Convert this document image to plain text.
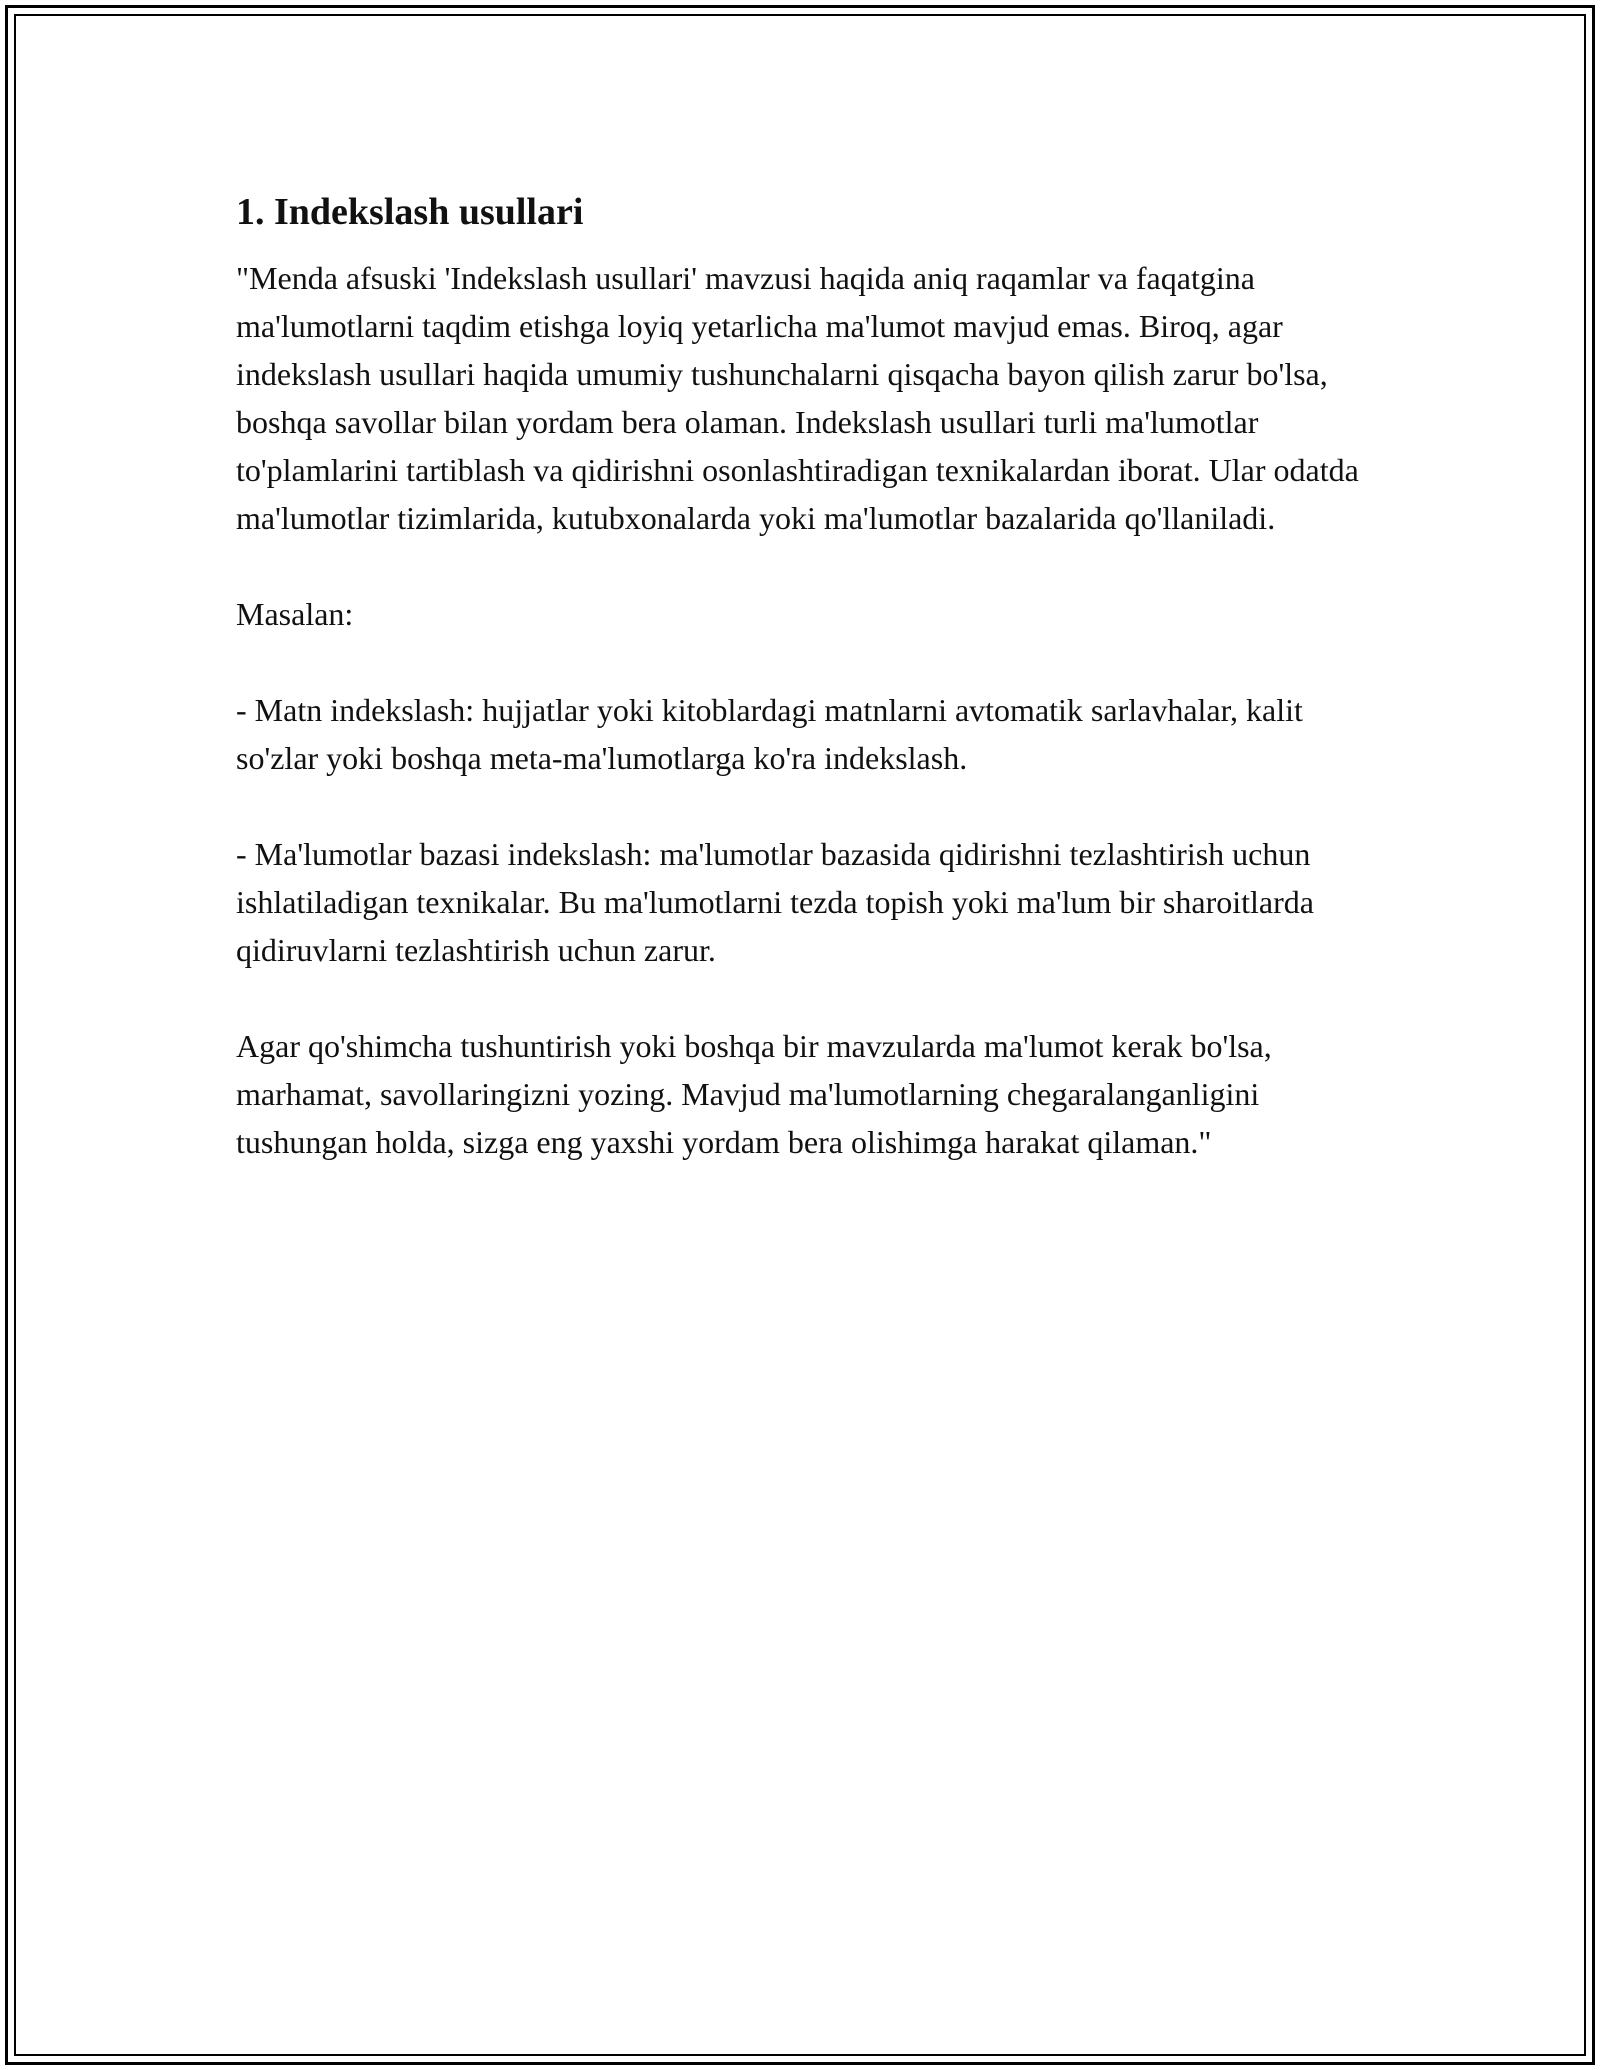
1. Indekslash usullari

"Menda afsuski 'Indekslash usullari' mavzusi haqida aniq raqamlar va faqatgina ma'lumotlarni taqdim etishga loyiq yetarlicha ma'lumot mavjud emas. Biroq, agar indekslash usullari haqida umumiy tushunchalarni qisqacha bayon qilish zarur bo'lsa, boshqa savollar bilan yordam bera olaman. Indekslash usullari turli ma'lumotlar to'plamlarini tartiblash va qidirishni osonlashtiradigan texnikalardan iborat. Ular odatda ma'lumotlar tizimlarida, kutubxonalarda yoki ma'lumotlar bazalarida qo'llaniladi.

Masalan:

- Matn indekslash: hujjatlar yoki kitoblardagi matnlarni avtomatik sarlavhalar, kalit so'zlar yoki boshqa meta-ma'lumotlarga ko'ra indekslash.

- Ma'lumotlar bazasi indekslash: ma'lumotlar bazasida qidirishni tezlashtirish uchun ishlatiladigan texnikalar. Bu ma'lumotlarni tezda topish yoki ma'lum bir sharoitlarda qidiruvlarni tezlashtirish uchun zarur.

Agar qo'shimcha tushuntirish yoki boshqa bir mavzularda ma'lumot kerak bo'lsa, marhamat, savollaringizni yozing. Mavjud ma'lumotlarning chegaralanganligini tushungan holda, sizga eng yaxshi yordam bera olishimga harakat qilaman."
